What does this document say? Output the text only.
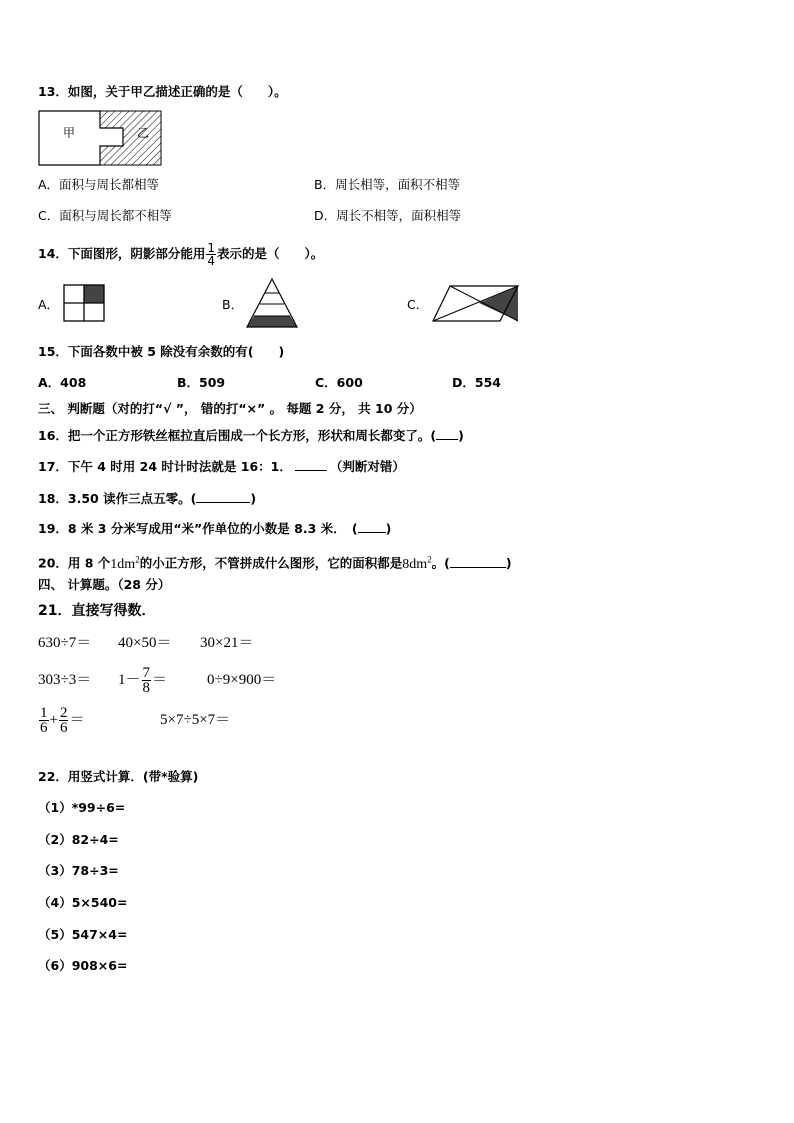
13．如图，关于甲乙描述正确的是（　　）。
甲	乙
A．面积与周长都相等	B．周长相等，面积不相等
C．面积与周长都不相等	D．周长不相等，面积相等
14．下面图形，阴影部分能用 $\frac{1}{4}$ 表示的是（　　）。
A．	B．	C．
15．下面各数中被 5 除没有余数的有(　　)
A．408	B．509	C．600	D．554
三、 判断题（对的打“√ ”， 错的打“×” 。 每题 2 分， 共 10 分）
16．把一个正方形铁丝框拉直后围成一个长方形，形状和周长都变了。( )
17．下午 4 时用 24 时计时法就是 16：1．	（判断对错）
18．3.50 读作三点五零。(	)
19．8 米 3 分米写成用“米”作单位的小数是 8.3 米．　( )
20．用 8 个$1dm^2$的小正方形，不管拼成什么图形，它的面积都是$8dm^2$。(	)
四、 计算题。（28 分）
21．直接写得数．
630÷7＝ 40×50＝ 30×21＝
$303\div 3= 1- \frac{7}{8}$ ＝	0÷9×900＝
$\frac{1}{6} + \frac{2}{6}$ ＝	5×7÷5×7＝
22．用竖式计算．(带*验算)
（1）*99÷6=
（2）82÷4=
（3）78÷3=
（4）5×540=
（5）547×4=
（6）908×6=
